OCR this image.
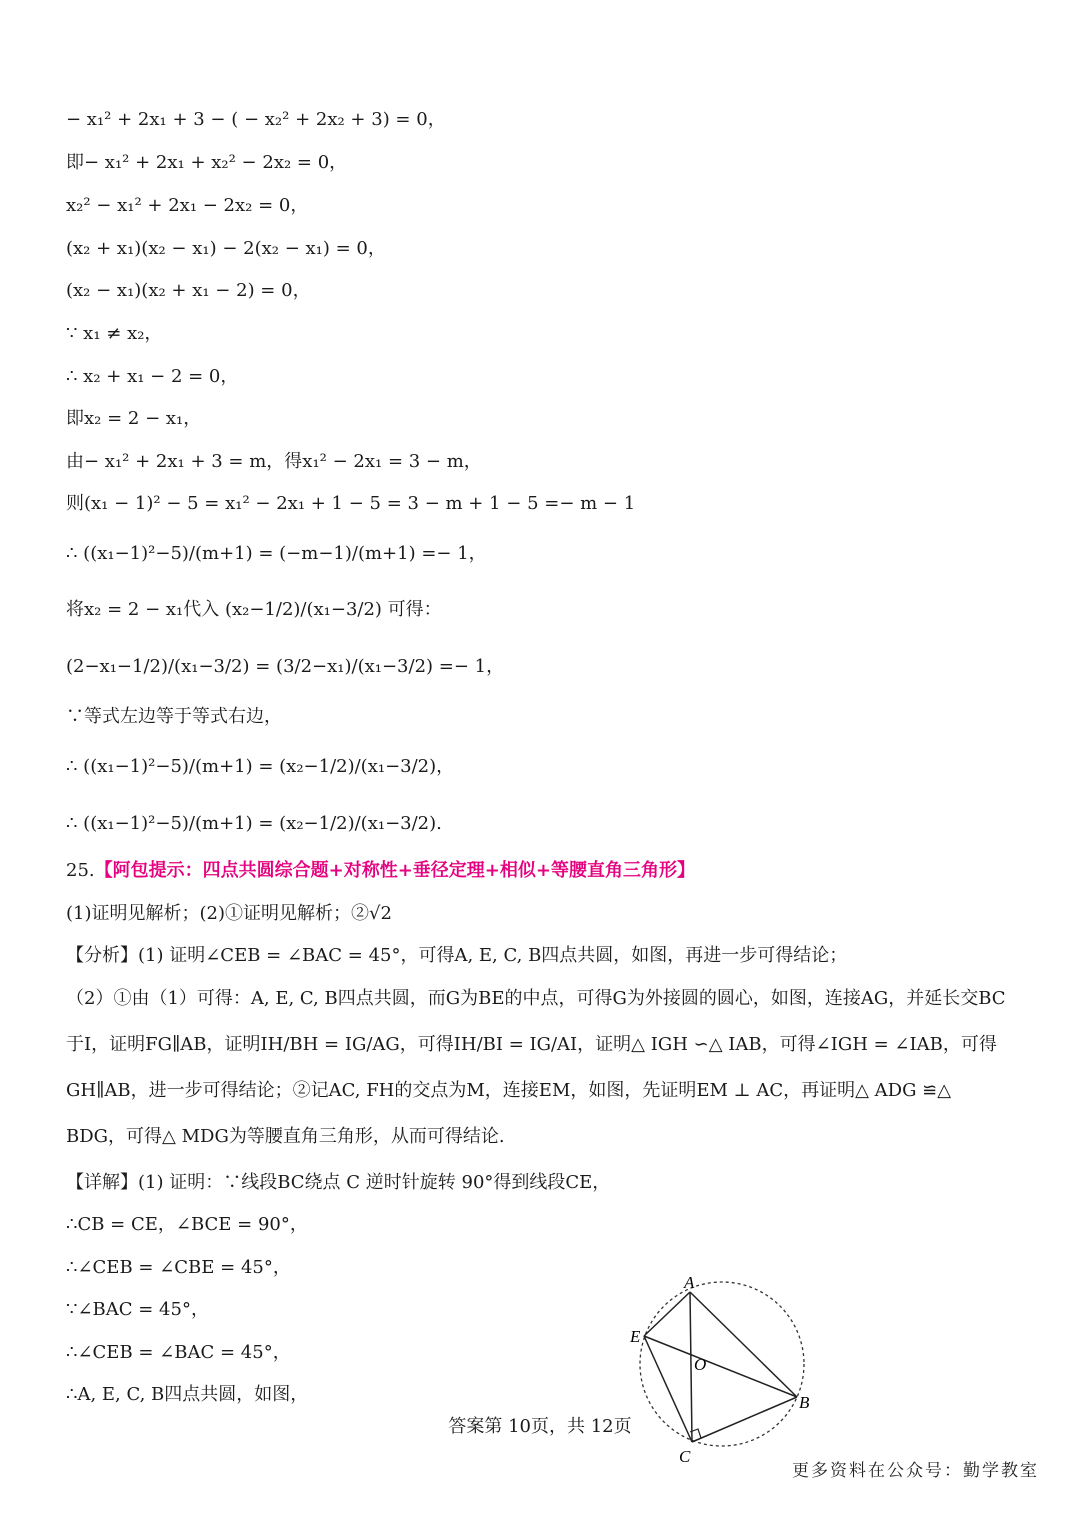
− x₁² + 2x₁ + 3 − ( − x₂² + 2x₂ + 3) = 0，
即− x₁² + 2x₁ + x₂² − 2x₂ = 0，
x₂² − x₁² + 2x₁ − 2x₂ = 0，
(x₂ + x₁)(x₂ − x₁) − 2(x₂ − x₁) = 0，
(x₂ − x₁)(x₂ + x₁ − 2) = 0，
∵ x₁ ≠ x₂，
∴ x₂ + x₁ − 2 = 0，
即x₂ = 2 − x₁，
由− x₁² + 2x₁ + 3 = m，得x₁² − 2x₁ = 3 − m，
则(x₁ − 1)² − 5 = x₁² − 2x₁ + 1 − 5 = 3 − m + 1 − 5 =− m − 1
∴ ((x₁−1)²−5)/(m+1) = (−m−1)/(m+1) =− 1，
将x₂ = 2 − x₁代入 (x₂−1/2)/(x₁−3/2) 可得：
(2−x₁−1/2)/(x₁−3/2) = (3/2−x₁)/(x₁−3/2) =− 1，
∵等式左边等于等式右边，
∴ ((x₁−1)²−5)/(m+1) = (x₂−1/2)/(x₁−3/2)，
∴ ((x₁−1)²−5)/(m+1) = (x₂−1/2)/(x₁−3/2).
25.【阿包提示：四点共圆综合题+对称性+垂径定理+相似+等腰直角三角形】
(1)证明见解析；(2)①证明见解析；②√2
【分析】(1) 证明∠CEB = ∠BAC = 45°，可得A, E, C, B四点共圆，如图，再进一步可得结论；
（2）①由（1）可得：A, E, C, B四点共圆，而G为BE的中点，可得G为外接圆的圆心，如图，连接AG，并延长交BC于I，证明FG∥AB，证明IH/BH = IG/AG，可得IH/BI = IG/AI，证明△ IGH ∽△ IAB，可得∠IGH = ∠IAB，可得GH∥AB，进一步可得结论；②记AC, FH的交点为M，连接EM，如图，先证明EM ⊥ AC，再证明△ ADG ≌△ BDG，可得△ MDG为等腰直角三角形，从而可得结论.
【详解】(1) 证明：∵线段BC绕点 C 逆时针旋转 90°得到线段CE，
∴CB = CE，∠BCE = 90°，
∴∠CEB = ∠CBE = 45°，
∵∠BAC = 45°，
∴∠CEB = ∠BAC = 45°，
∴A, E, C, B四点共圆，如图，
A
E
O
B
C
答案第 10页，共 12页
更多资料在公众号：勤学教室
